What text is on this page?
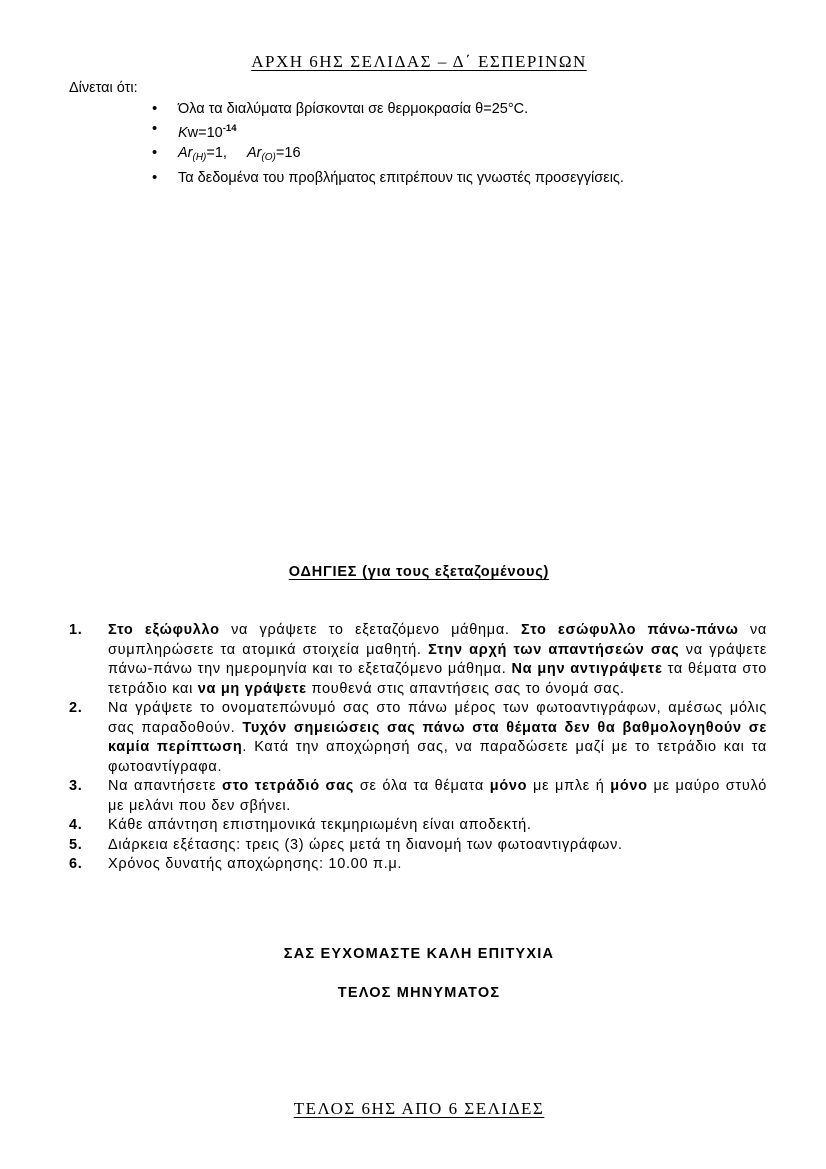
ΑΡΧΗ 6ΗΣ ΣΕΛΙΔΑΣ – Δ΄ ΕΣΠΕΡΙΝΩΝ
Δίνεται ότι:
• Όλα τα διαλύματα βρίσκονται σε θερμοκρασία θ=25°C.
• $Kw=10^{-14}$
• $Ar_{(H)}=1$, $Ar_{(O)}=16$
• Τα δεδομένα του προβλήματος επιτρέπουν τις γνωστές προσεγγίσεις.
ΟΔΗΓΙΕΣ (για τους εξεταζομένους)
1. Στο εξώφυλλο να γράψετε το εξεταζόμενο μάθημα. Στο εσώφυλλο πάνω-πάνω να συμπληρώσετε τα ατομικά στοιχεία μαθητή. Στην αρχή των απαντήσεών σας να γράψετε πάνω-πάνω την ημερομηνία και το εξεταζόμενο μάθημα. Να μην αντιγράψετε τα θέματα στο τετράδιο και να μη γράψετε πουθενά στις απαντήσεις σας το όνομά σας.
2. Να γράψετε το ονοματεπώνυμό σας στο πάνω μέρος των φωτοαντιγράφων, αμέσως μόλις σας παραδοθούν. Τυχόν σημειώσεις σας πάνω στα θέματα δεν θα βαθμολογηθούν σε καμία περίπτωση. Κατά την αποχώρησή σας, να παραδώσετε μαζί με το τετράδιο και τα φωτοαντίγραφα.
3. Να απαντήσετε στο τετράδιό σας σε όλα τα θέματα μόνο με μπλε ή μόνο με μαύρο στυλό με μελάνι που δεν σβήνει.
4. Κάθε απάντηση επιστημονικά τεκμηριωμένη είναι αποδεκτή.
5. Διάρκεια εξέτασης: τρεις (3) ώρες μετά τη διανομή των φωτοαντιγράφων.
6. Χρόνος δυνατής αποχώρησης: 10.00 π.μ.
ΣΑΣ ΕΥΧΟΜΑΣΤΕ ΚΑΛΗ ΕΠΙΤΥΧΙΑ
ΤΕΛΟΣ ΜΗΝΥΜΑΤΟΣ
ΤΕΛΟΣ 6ΗΣ ΑΠΟ 6 ΣΕΛΙΔΕΣ
